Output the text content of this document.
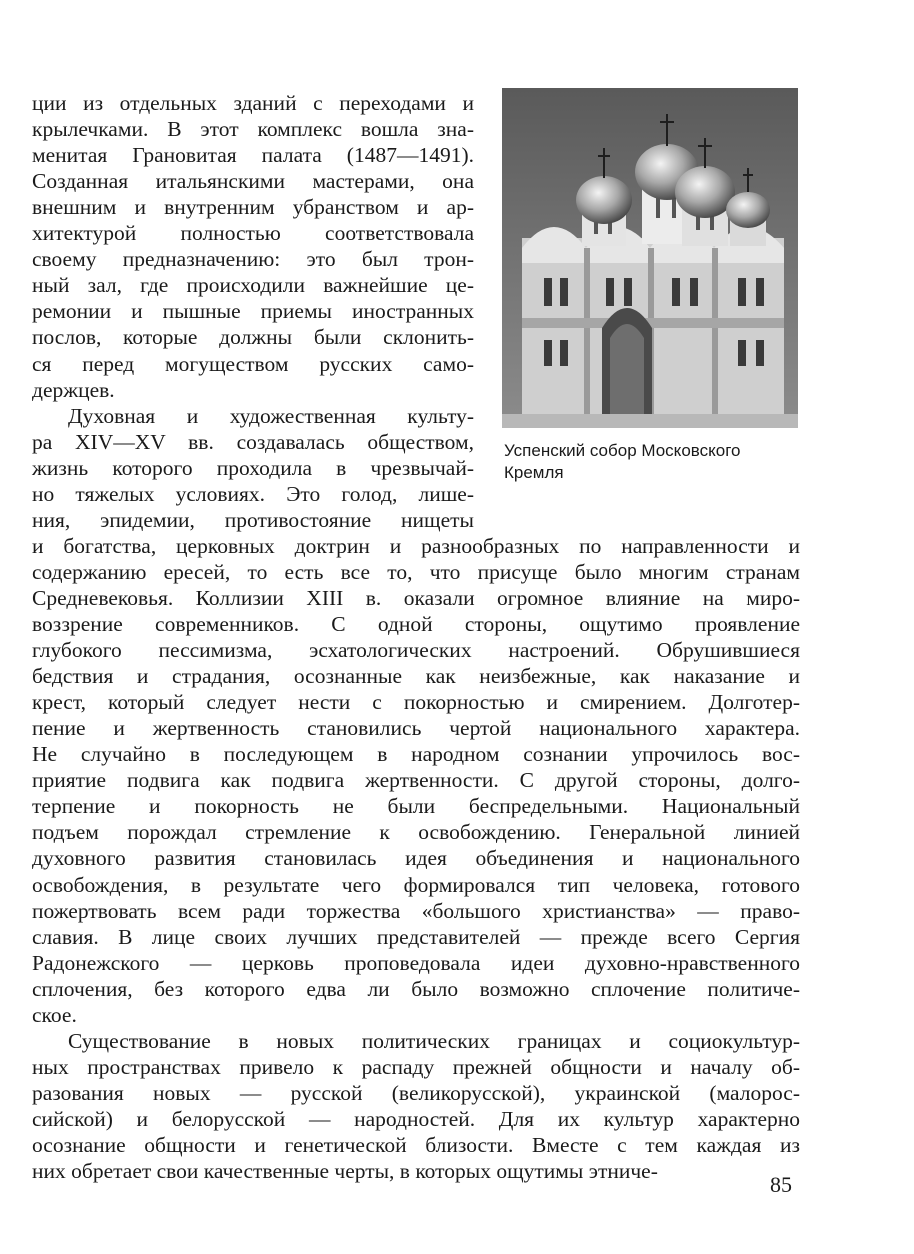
ции из отдельных зданий с переходами и
крылечками. В этот комплекс вошла зна-
менитая Грановитая палата (1487—1491).
Созданная итальянскими мастерами, она
внешним и внутренним убранством и ар-
хитектурой полностью соответствовала
своему предназначению: это был трон-
ный зал, где происходили важнейшие це-
ремонии и пышные приемы иностранных
послов, которые должны были склонить-
ся перед могуществом русских само-
держцев.
Духовная и художественная культу-
ра XIV—XV вв. создавалась обществом,
жизнь которого проходила в чрезвычай-
но тяжелых условиях. Это голод, лише-
ния, эпидемии, противостояние нищеты
и богатства, церковных доктрин и разнообразных по направленности и
содержанию ересей, то есть все то, что присуще было многим странам
Средневековья. Коллизии XIII в. оказали огромное влияние на миро-
воззрение современников. С одной стороны, ощутимо проявление
глубокого пессимизма, эсхатологических настроений. Обрушившиеся
бедствия и страдания, осознанные как неизбежные, как наказание и
крест, который следует нести с покорностью и смирением. Долготер-
пение и жертвенность становились чертой национального характера.
Не случайно в последующем в народном сознании упрочилось вос-
приятие подвига как подвига жертвенности. С другой стороны, долго-
терпение и покорность не были беспредельными. Национальный
подъем порождал стремление к освобождению. Генеральной линией
духовного развития становилась идея объединения и национального
освобождения, в результате чего формировался тип человека, готового
пожертвовать всем ради торжества «большого христианства» — право-
славия. В лице своих лучших представителей — прежде всего Сергия
Радонежского — церковь проповедовала идеи духовно-нравственного
сплочения, без которого едва ли было возможно сплочение политиче-
ское.
Существование в новых политических границах и социокультур-
ных пространствах привело к распаду прежней общности и началу об-
разования новых — русской (великорусской), украинской (малорос-
сийской) и белорусской — народностей. Для их культур характерно
осознание общности и генетической близости. Вместе с тем каждая из
них обретает свои качественные черты, в которых ощутимы этниче-
Успенский собор Московского
Кремля
85
